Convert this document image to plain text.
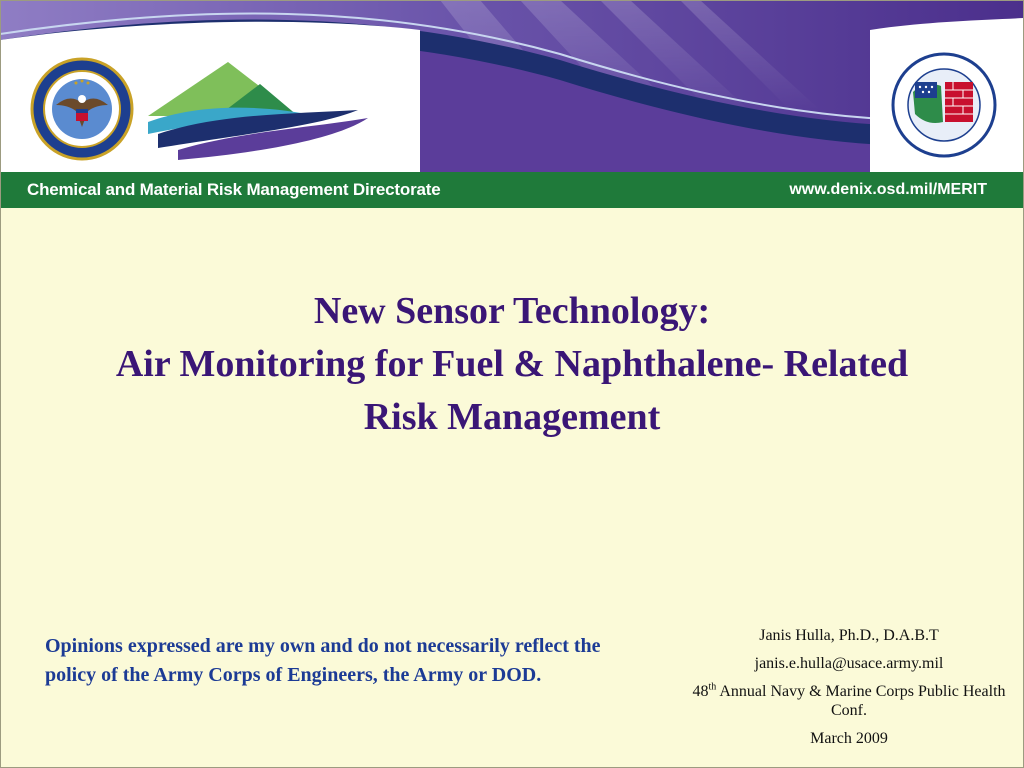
Chemical and Material Risk Management Directorate	www.denix.osd.mil/MERIT
New Sensor Technology:
Air Monitoring for Fuel & Naphthalene- Related
Risk Management
Opinions expressed are my own and do not necessarily reflect the policy of the Army Corps of Engineers, the Army or DOD.
Janis Hulla, Ph.D., D.A.B.T
janis.e.hulla@usace.army.mil
48th Annual Navy & Marine Corps Public Health Conf.
March 2009
